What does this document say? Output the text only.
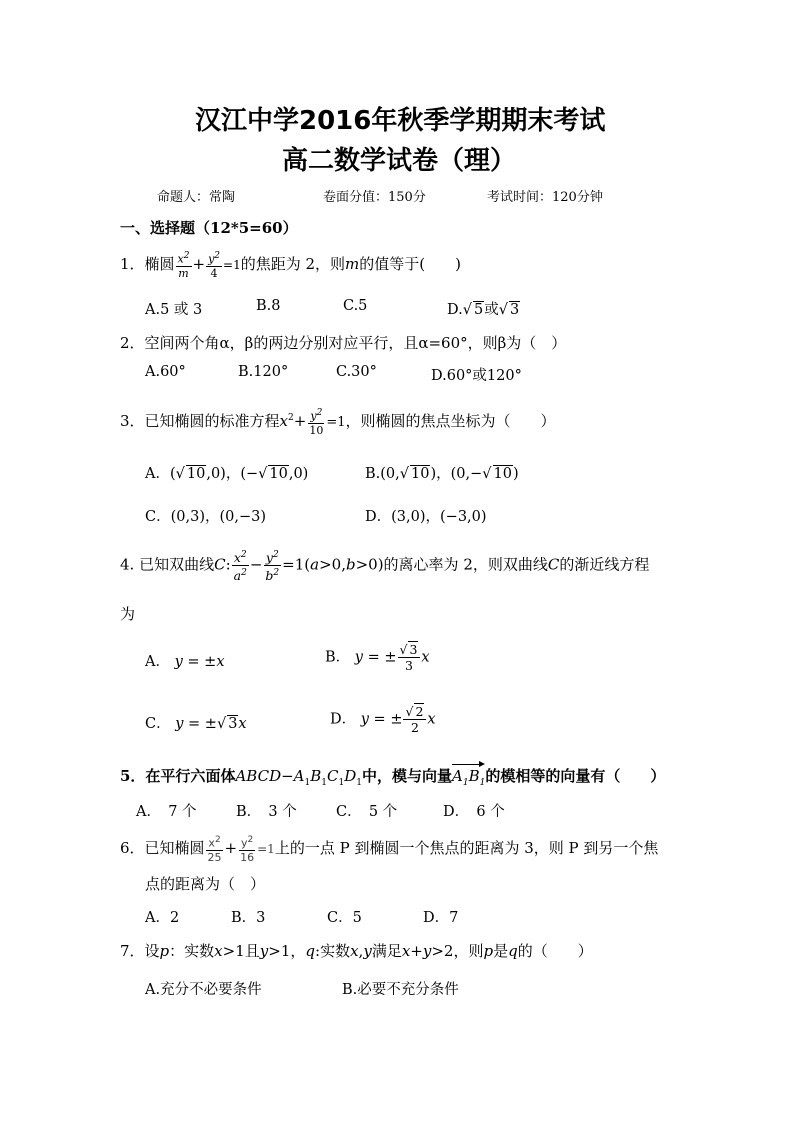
汉江中学2016年秋季学期期末考试
高二数学试卷（理）
命题人：常陶	卷面分值：150分	考试时间：120分钟
一、选择题（12*5=60）
1．椭圆 $\frac{x^2}{m} + \frac{y^2}{4} =1$的焦距为 2，则m的值等于(　　)
A.5 或 3	B.8	C.5	D.√ 5或√ 3
2．空间两个角α，β的两边分别对应平行，且α=60°，则β为（　）
A.60°	B.120°	C.30°	D.60°或120°
3．已知椭圆的标准方程$x^2+ \frac{y^2}{10} =1$，则椭圆的焦点坐标为（　　）
A．(√ 10,0)，(−√ 10,0)	B.(0,√ 10)，(0,−√ 10)
C．(0,3)，(0,−3)	D．(3,0)，(−3,0)
4. 已知双曲线C: $\frac{x^2}{a^2} - \frac{y^2}{b^2} =1(a>0,b>0)$的离心率为 2，则双曲线C的渐近线方程
为
A． y = ±x	B． y = ± $\frac{√ 3}{3}$ x
C． y = ±√ 3x	D． y = ± $\frac{√ 2}{2}$ x
5．在平行六面体$ABCD-A_1B_1C_1D_1$中，模与向量$A_1B_1$的模相等的向量有（　　）
A．　7 个	B．　3 个	C．　5 个	D．　6 个
6．已知椭圆 $\frac{x^2}{25} + \frac{y^2}{16} =1$上的一点 P 到椭圆一个焦点的距离为 3，则 P 到另一个焦
点的距离为（　）
A．2	B．3	C．5	D．7
7．设p：实数x>1且y>1，q:实数x,y满足x+y>2，则p是q的（　　）
A.充分不必要条件	B.必要不充分条件
